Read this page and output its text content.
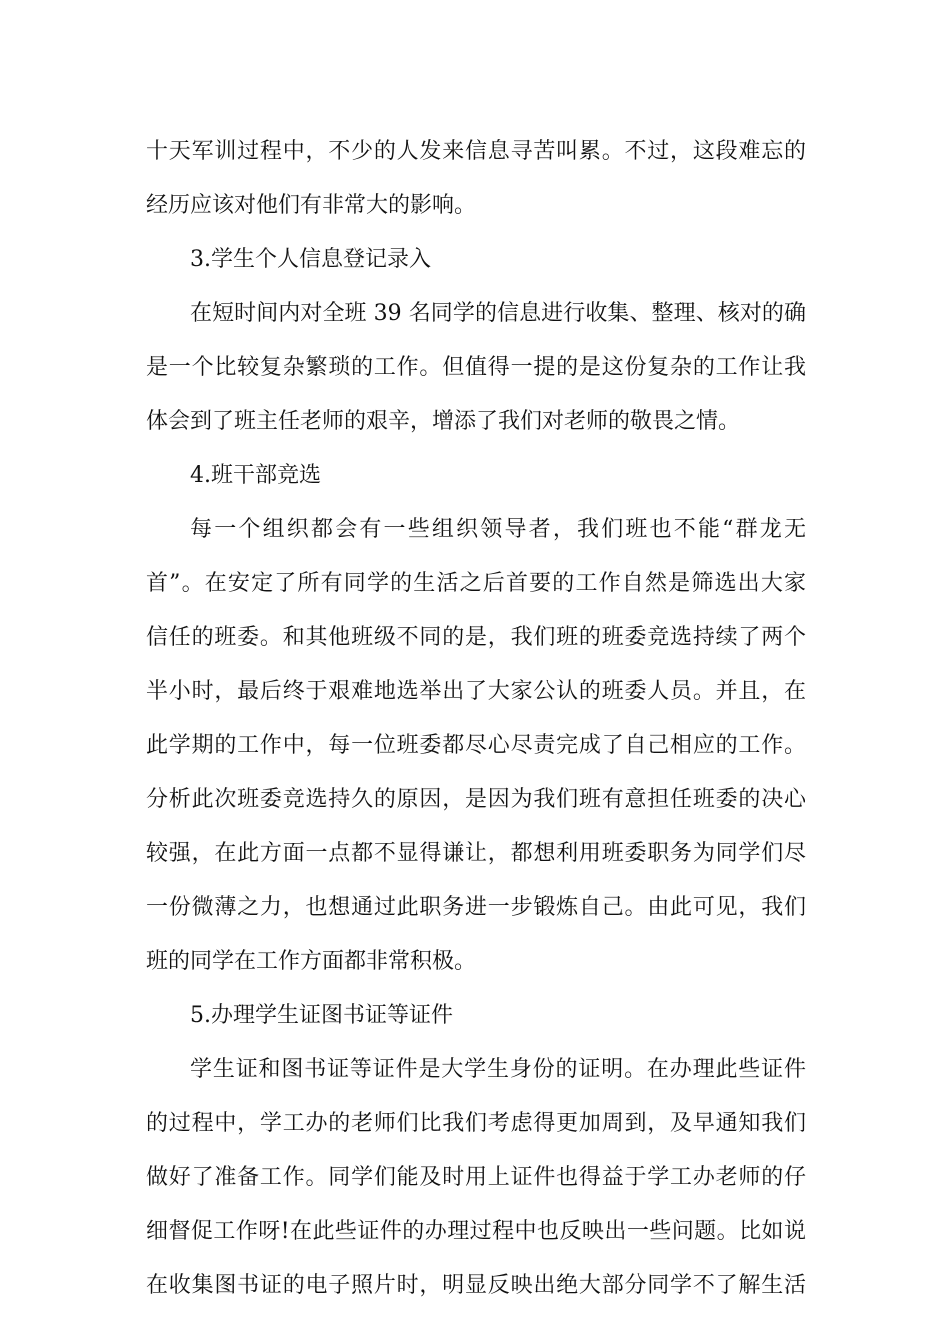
十天军训过程中，不少的人发来信息寻苦叫累。不过，这段难忘的
经历应该对他们有非常大的影响。
3.学生个人信息登记录入
在短时间内对全班 39 名同学的信息进行收集、整理、核对的确
是一个比较复杂繁琐的工作。但值得一提的是这份复杂的工作让我
体会到了班主任老师的艰辛，增添了我们对老师的敬畏之情。
4.班干部竞选
每一个组织都会有一些组织领导者，我们班也不能“群龙无
首”。在安定了所有同学的生活之后首要的工作自然是筛选出大家
信任的班委。和其他班级不同的是，我们班的班委竞选持续了两个
半小时，最后终于艰难地选举出了大家公认的班委人员。并且，在
此学期的工作中，每一位班委都尽心尽责完成了自己相应的工作。
分析此次班委竞选持久的原因，是因为我们班有意担任班委的决心
较强，在此方面一点都不显得谦让，都想利用班委职务为同学们尽
一份微薄之力，也想通过此职务进一步锻炼自己。由此可见，我们
班的同学在工作方面都非常积极。
5.办理学生证图书证等证件
学生证和图书证等证件是大学生身份的证明。在办理此些证件
的过程中，学工办的老师们比我们考虑得更加周到，及早通知我们
做好了准备工作。同学们能及时用上证件也得益于学工办老师的仔
细督促工作呀!在此些证件的办理过程中也反映出一些问题。比如说
在收集图书证的电子照片时，明显反映出绝大部分同学不了解生活
